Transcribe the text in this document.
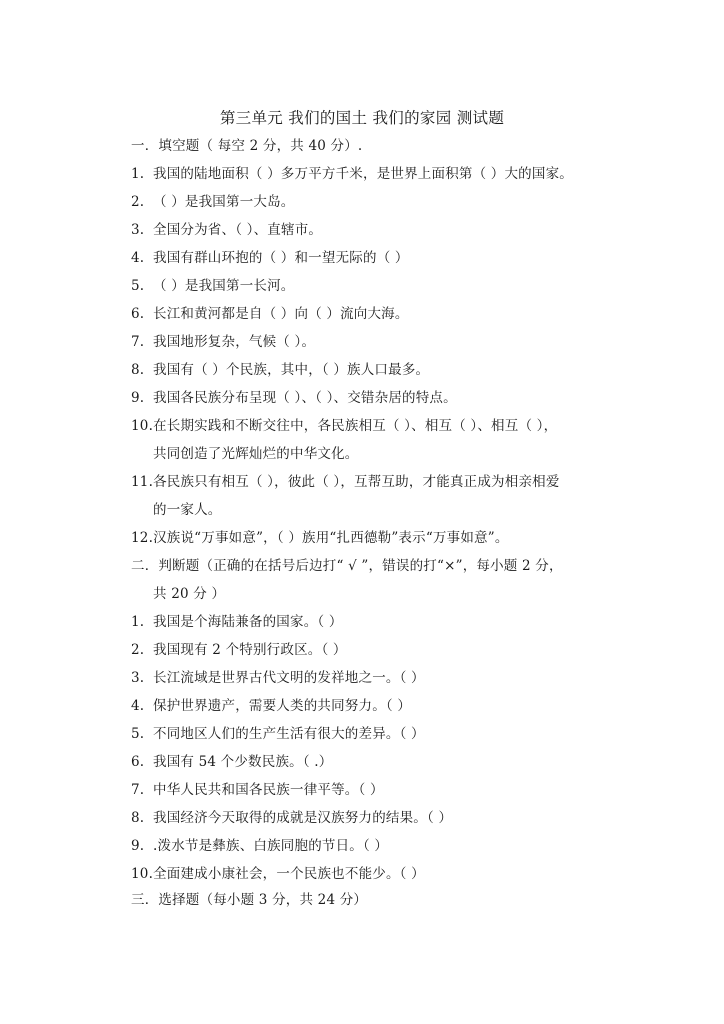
第三单元 我们的国土 我们的家园 测试题
一．填空题（ 每空 2 分，共 40 分）.
1. 我国的陆地面积（ ）多万平方千米，是世界上面积第（ ）大的国家。
2. （ ）是我国第一大岛。
3. 全国分为省、（ ）、直辖市。
4. 我国有群山环抱的（ ）和一望无际的（ ）
5. （ ）是我国第一长河。
6. 长江和黄河都是自（ ）向（ ）流向大海。
7. 我国地形复杂，气候（ ）。
8. 我国有（ ）个民族，其中，（ ）族人口最多。
9. 我国各民族分布呈现（ ）、（ ）、交错杂居的特点。
10.在长期实践和不断交往中，各民族相互（ ）、相互（ ）、相互（ ），
共同创造了光辉灿烂的中华文化。
11.各民族只有相互（ ），彼此（ ），互帮互助，才能真正成为相亲相爱
的一家人。
12.汉族说“万事如意”，（ ）族用“扎西德勒”表示“万事如意”。
二．判断题（正确的在括号后边打“ √ ”，错误的打“×”，每小题 2 分，
共 20 分 ）
1. 我国是个海陆兼备的国家。（ ）
2. 我国现有 2 个特别行政区。（ ）
3. 长江流域是世界古代文明的发祥地之一。（ ）
4. 保护世界遗产，需要人类的共同努力。（ ）
5. 不同地区人们的生产生活有很大的差异。（ ）
6. 我国有 54 个少数民族。（ .）
7. 中华人民共和国各民族一律平等。（ ）
8. 我国经济今天取得的成就是汉族努力的结果。（ ）
9. .泼水节是彝族、白族同胞的节日。（ ）
10.全面建成小康社会，一个民族也不能少。（ ）
三．选择题（每小题 3 分，共 24 分）
